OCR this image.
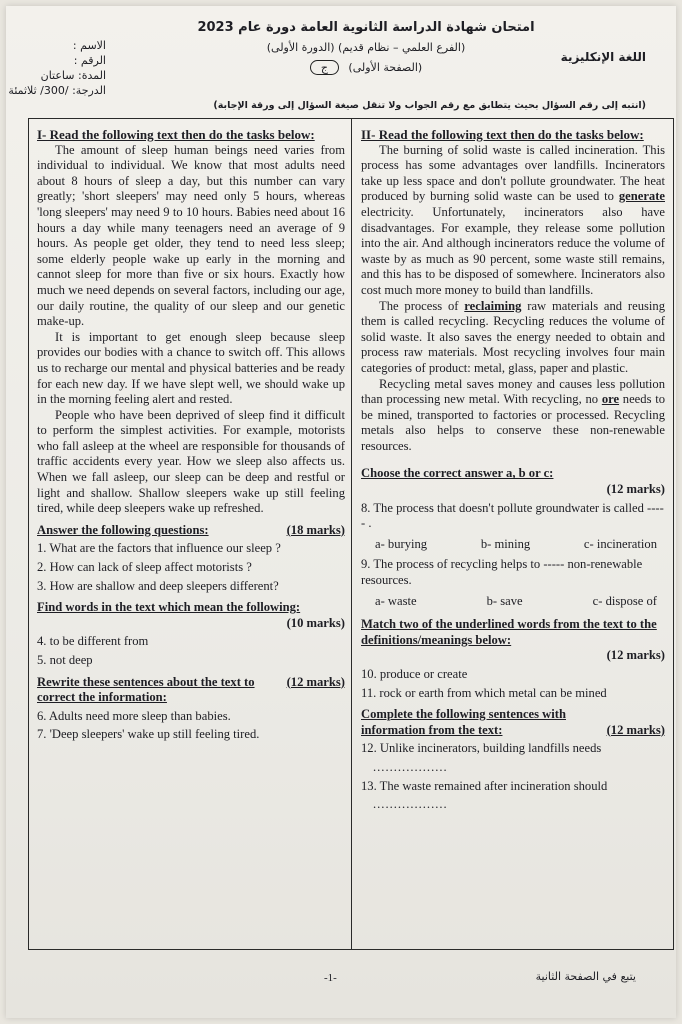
الاسم :
الرقم :
المدة: ساعتان
الدرجة: /300/ ثلاثمئة
امتحان شهادة الدراسة الثانوية العامة دورة عام 2023
(الفرع العلمي – نظام قديم) (الدورة الأولى)
(الصفحة الأولى) ج
اللغة الإنكليزية
(انتبه إلى رقم السؤال بحيث يتطابق مع رقم الجواب ولا تنقل صيغة السؤال إلى ورقة الإجابة)
I- Read the following text then do the tasks below:

The amount of sleep human beings need varies from individual to individual. We know that most adults need about 8 hours of sleep a day, but this number can vary greatly; 'short sleepers' may need only 5 hours, whereas 'long sleepers' may need 9 to 10 hours. Babies need about 16 hours a day while many teenagers need an average of 9 hours. As people get older, they tend to need less sleep; some elderly people wake up early in the morning and cannot sleep for more than five or six hours. Exactly how much we need depends on several factors, including our age, our daily routine, the quality of our sleep and our genetic make-up.

It is important to get enough sleep because sleep provides our bodies with a chance to switch off. This allows us to recharge our mental and physical batteries and be ready for each new day. If we have slept well, we should wake up in the morning feeling alert and rested.

People who have been deprived of sleep find it difficult to perform the simplest activities. For example, motorists who fall asleep at the wheel are responsible for thousands of traffic accidents every year. How we sleep also affects us. When we fall asleep, our sleep can be deep and restful or light and shallow. Shallow sleepers wake up still feeling tired, while deep sleepers wake up refreshed.

Answer the following questions:	(18 marks)
1. What are the factors that influence our sleep ?
2. How can lack of sleep affect motorists ?
3. How are shallow and deep sleepers different?
Find words in the text which mean the following:
(10 marks)
4. to be different from
5. not deep
Rewrite these sentences about the text to correct the information:
(12 marks)
6. Adults need more sleep than babies.
7. 'Deep sleepers' wake up still feeling tired.
II- Read the following text then do the tasks below:

The burning of solid waste is called incineration. This process has some advantages over landfills. Incinerators take up less space and don't pollute groundwater. The heat produced by burning solid waste can be used to generate electricity. Unfortunately, incinerators also have disadvantages. For example, they release some pollution into the air. And although incinerators reduce the volume of waste by as much as 90 percent, some waste still remains, and this has to be disposed of somewhere. Incinerators also cost much more money to build than landfills.

The process of reclaiming raw materials and reusing them is called recycling. Recycling reduces the volume of solid waste. It also saves the energy needed to obtain and process raw materials. Most recycling involves four main categories of product: metal, glass, paper and plastic.

Recycling metal saves money and causes less pollution than processing new metal. With recycling, no ore needs to be mined, transported to factories or processed. Recycling metals also helps to conserve these non-renewable resources.

Choose the correct answer a, b or c:
(12 marks)
8. The process that doesn't pollute groundwater is called ----- .
a- burying	b- mining	c- incineration
9. The process of recycling helps to ----- non-renewable resources.
a- waste	b- save	c- dispose of
Match two of the underlined words from the text to the definitions/meanings below:
(12 marks)
10. produce or create
11. rock or earth from which metal can be mined
Complete the following sentences with information from the text:	(12 marks)
12. Unlike incinerators, building landfills needs
..................
13. The waste remained after incineration should
..................
-1-	يتبع في الصفحة الثانية
